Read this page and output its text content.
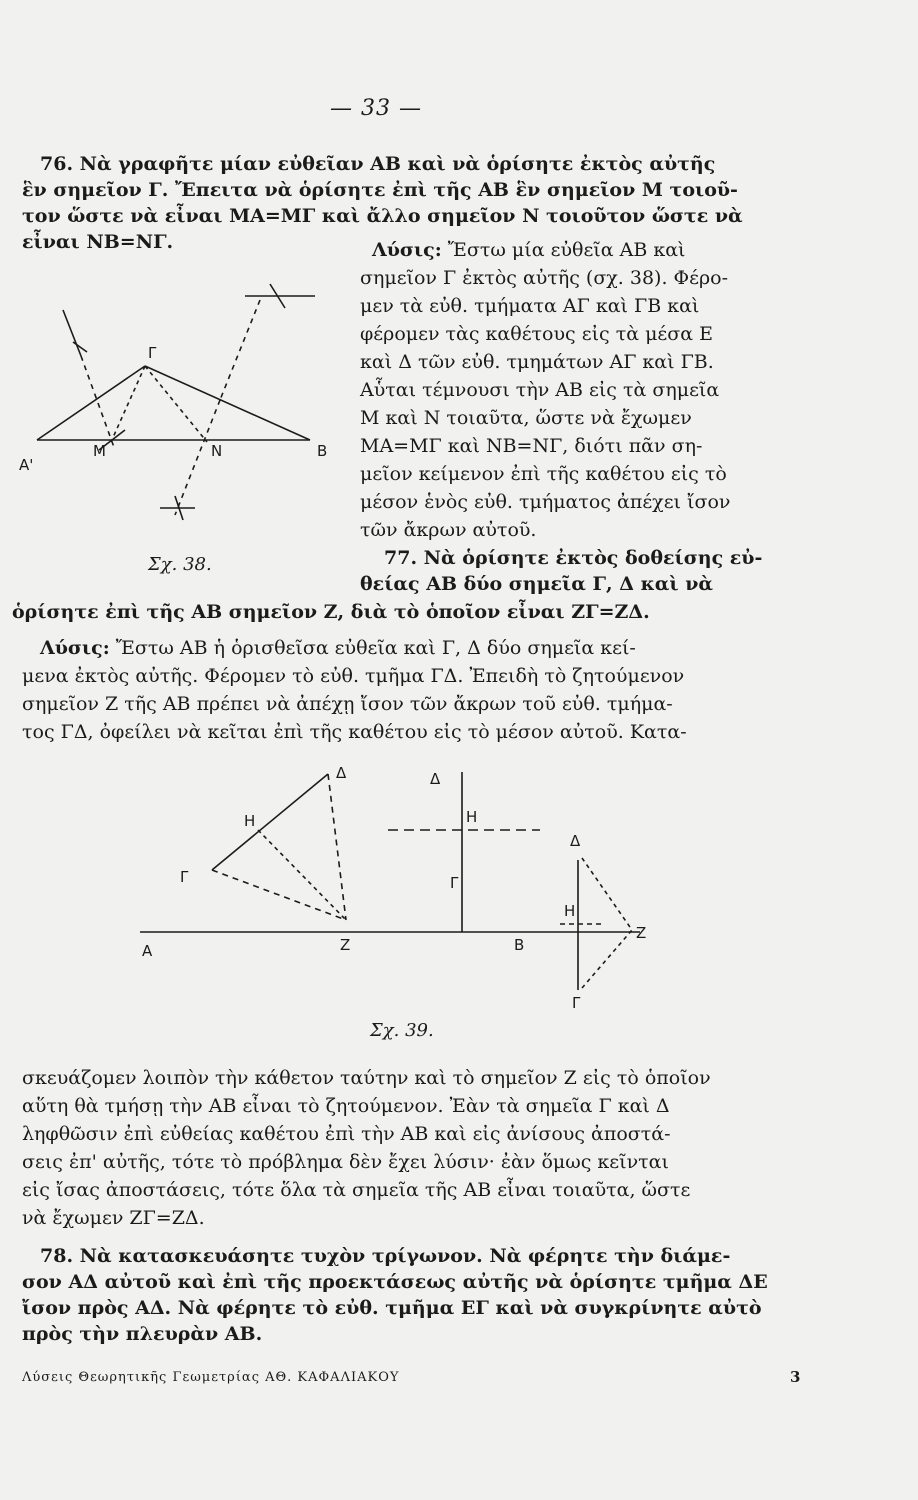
— 33 —
76. Νὰ γραφῆτε μίαν εὐθεῖαν ΑΒ καὶ νὰ ὁρίσητε ἐκτὸς αὐτῆς
ἓν σημεῖον Γ. Ἔπειτα νὰ ὁρίσητε ἐπὶ τῆς ΑΒ ἓν σημεῖον Μ τοιοῦ-
τον ὥστε νὰ εἶναι ΜΑ=ΜΓ καὶ ἄλλο σημεῖον Ν τοιοῦτον ὥστε νὰ
εἶναι ΝΒ=ΝΓ.	Λύσις: Ἔστω μία εὐθεῖα ΑΒ καὶ
σημεῖον Γ ἐκτὸς αὐτῆς (σχ. 38). Φέρο-
μεν τὰ εὐθ. τμήματα ΑΓ καὶ ΓΒ καὶ
φέρομεν τὰς καθέτους εἰς τὰ μέσα Ε
καὶ Δ τῶν εὐθ. τμημάτων ΑΓ καὶ ΓΒ.
Αὗται τέμνουσι τὴν ΑΒ εἰς τὰ σημεῖα
Μ καὶ Ν τοιαῦτα, ὥστε νὰ ἔχωμεν
ΜΑ=ΜΓ καὶ ΝΒ=ΝΓ, διότι πᾶν ση-
μεῖον κείμενον ἐπὶ τῆς καθέτου εἰς τὸ
μέσον ἑνὸς εὐθ. τμήματος ἀπέχει ἴσον
τῶν ἄκρων αὐτοῦ.
Α'
Β
Γ
Μ	Ν
Σχ. 38.	77. Νὰ ὁρίσητε ἐκτὸς δοθείσης εὐ-
θείας ΑΒ δύο σημεῖα Γ, Δ καὶ νὰ
ὁρίσητε ἐπὶ τῆς ΑΒ σημεῖον Ζ, διὰ τὸ ὁποῖον εἶναι ΖΓ=ΖΔ.
Λύσις: Ἔστω ΑΒ ἡ ὁρισθεῖσα εὐθεῖα καὶ Γ, Δ δύο σημεῖα κεί-
μενα ἐκτὸς αὐτῆς. Φέρομεν τὸ εὐθ. τμῆμα ΓΔ. Ἐπειδὴ τὸ ζητούμενον
σημεῖον Ζ τῆς ΑΒ πρέπει νὰ ἀπέχῃ ἴσον τῶν ἄκρων τοῦ εὐθ. τμήμα-
τος ΓΔ, ὀφείλει νὰ κεῖται ἐπὶ τῆς καθέτου εἰς τὸ μέσον αὐτοῦ. Κατα-
Α	Β
Ζ
Ζ
Δ	Δ
Δ
Γ	Γ
Γ
Η	Η
Η
Σχ. 39.
σκευάζομεν λοιπὸν τὴν κάθετον ταύτην καὶ τὸ σημεῖον Ζ εἰς τὸ ὁποῖον
αὕτη θὰ τμήσῃ τὴν ΑΒ εἶναι τὸ ζητούμενον. Ἐὰν τὰ σημεῖα Γ καὶ Δ
ληφθῶσιν ἐπὶ εὐθείας καθέτου ἐπὶ τὴν ΑΒ καὶ εἰς ἀνίσους ἀποστά-
σεις ἐπ' αὐτῆς, τότε τὸ πρόβλημα δὲν ἔχει λύσιν· ἐὰν ὅμως κεῖνται
εἰς ἴσας ἀποστάσεις, τότε ὅλα τὰ σημεῖα τῆς ΑΒ εἶναι τοιαῦτα, ὥστε
νὰ ἔχωμεν ΖΓ=ΖΔ.
78. Νὰ κατασκευάσητε τυχὸν τρίγωνον. Νὰ φέρητε τὴν διάμε-
σον ΑΔ αὐτοῦ καὶ ἐπὶ τῆς προεκτάσεως αὐτῆς νὰ ὁρίσητε τμῆμα ΔΕ
ἴσον πρὸς ΑΔ. Νὰ φέρητε τὸ εὐθ. τμῆμα ΕΓ καὶ νὰ συγκρίνητε αὐτὸ
πρὸς τὴν πλευρὰν ΑΒ.
Λύσεις Θεωρητικῆς Γεωμετρίας ΑΘ. ΚΑΦΑΛΙΑΚΟΥ	3
